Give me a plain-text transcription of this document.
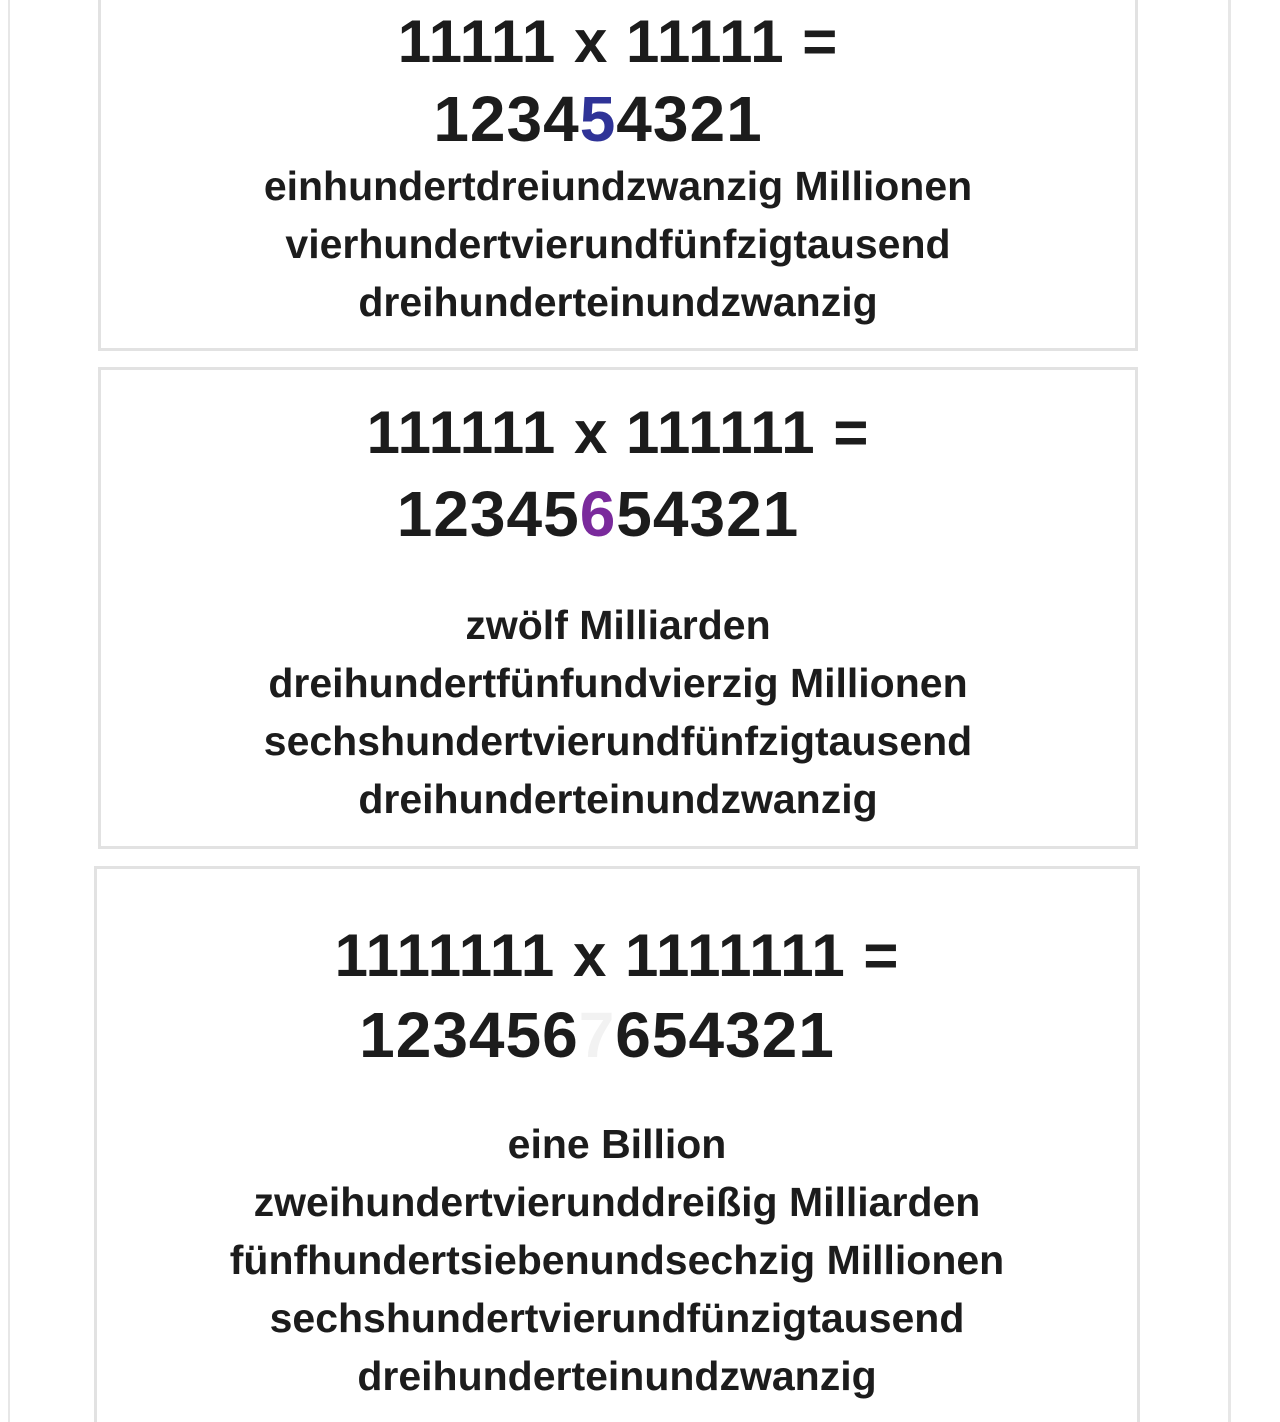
11111 x 11111 =

123454321

einhundertdreiundzwanzig Millionen
vierhundertvierundfünfzigtausend
dreihunderteinundzwanzig

111111 x 111111 =

12345654321

zwölf Milliarden
dreihundertfünfundvierzig Millionen
sechshundertvierundfünfzigtausend
dreihunderteinundzwanzig

1111111 x 1111111 =

1234567654321

eine Billion
zweihundertvierunddreißig Milliarden
fünfhundertsiebenundsechzig Millionen
sechshundertvierundfünzigtausend
dreihunderteinundzwanzig
